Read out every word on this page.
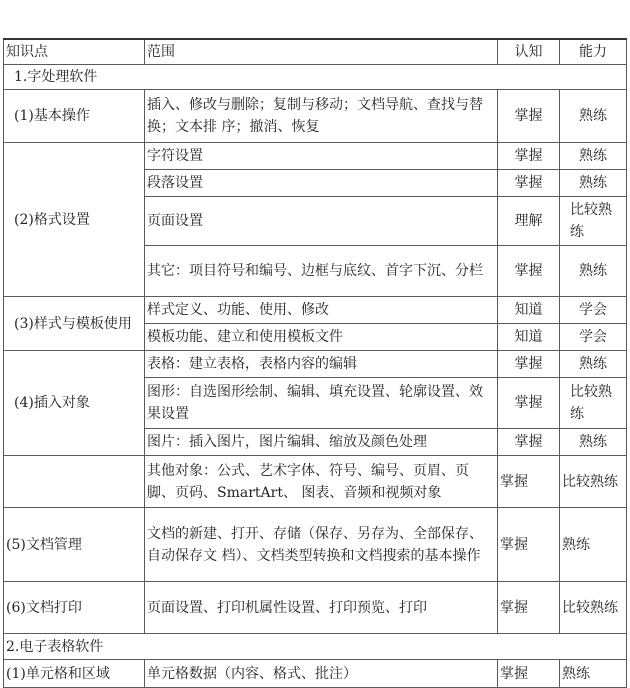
知识点	范围	认知	能力
1.字处理软件			
(1)基本操作	插入、修改与删除；复制与移动；文档导航、查找与替换；文本排 序；撤消、恢复	掌握	熟练
(2)格式设置	字符设置	掌握	熟练
	段落设置	掌握	熟练
	页面设置	理解	比较熟练
	其它：项目符号和编号、边框与底纹、首字下沉、分栏	掌握	熟练
(3)样式与模板使用	样式定义、功能、使用、修改	知道	学会
	模板功能、建立和使用模板文件	知道	学会
(4)插入对象	表格：建立表格，表格内容的编辑	掌握	熟练
	图形：自选图形绘制、编辑、填充设置、轮廓设置、效果设置	掌握	比较熟练
	图片：插入图片，图片编辑、缩放及颜色处理	掌握	熟练
	其他对象：公式、艺术字体、符号、编号、页眉、页脚、页码、SmartArt、 图表、音频和视频对象	掌握	比较熟练
(5)文档管理	文档的新建、打开、存储（保存、另存为、全部保存、自动保存文 档）、文档类型转换和文档搜索的基本操作	掌握	熟练
(6)文档打印	页面设置、打印机属性设置、打印预览、打印	掌握	比较熟练
2.电子表格软件			
(1)单元格和区域	单元格数据（内容、格式、批注）	掌握	熟练
